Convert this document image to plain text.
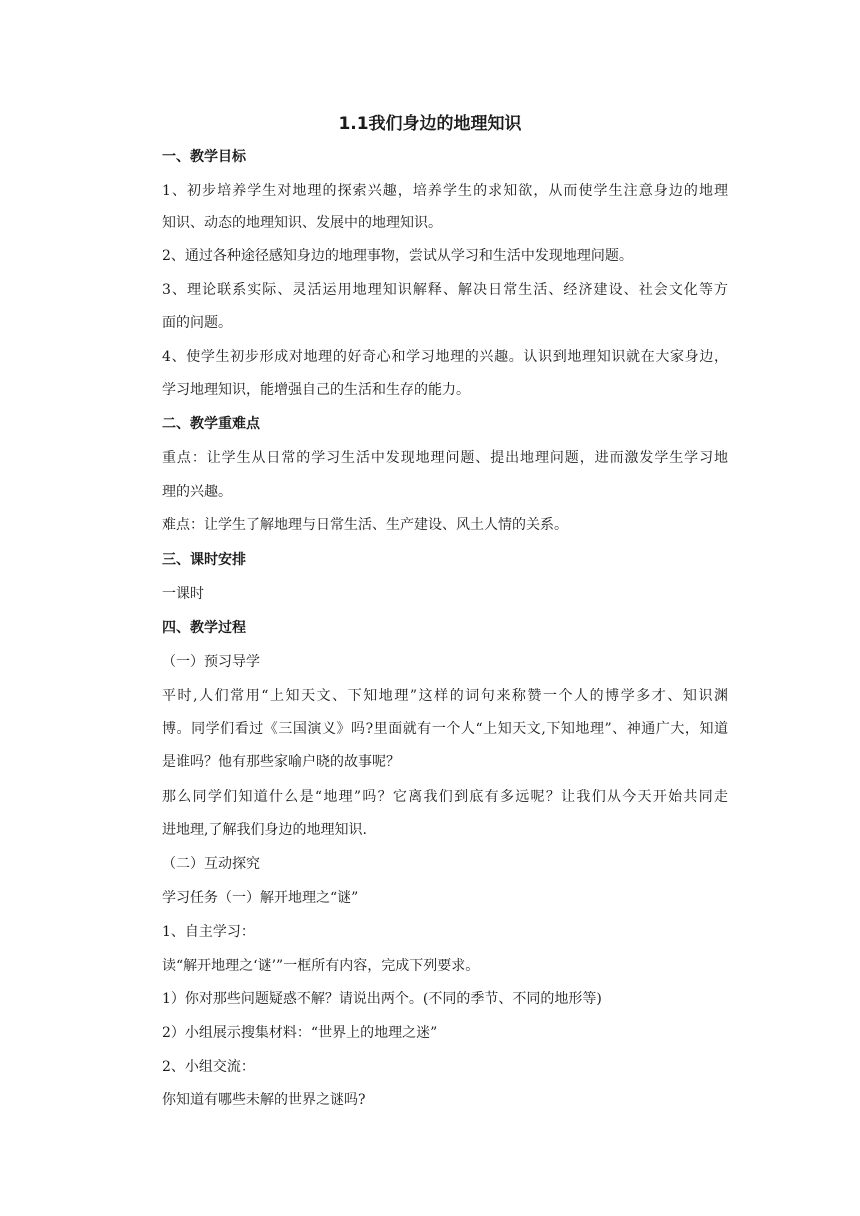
1.1我们身边的地理知识
一、教学目标
1、初步培养学生对地理的探索兴趣，培养学生的求知欲，从而使学生注意身边的地理
知识、动态的地理知识、发展中的地理知识。
2、通过各种途径感知身边的地理事物，尝试从学习和生活中发现地理问题。
3、理论联系实际、灵活运用地理知识解释、解决日常生活、经济建设、社会文化等方
面的问题。
4、使学生初步形成对地理的好奇心和学习地理的兴趣。认识到地理知识就在大家身边，
学习地理知识，能增强自己的生活和生存的能力。
二、教学重难点
重点：让学生从日常的学习生活中发现地理问题、提出地理问题，进而激发学生学习地
理的兴趣。
难点：让学生了解地理与日常生活、生产建设、风土人情的关系。
三、课时安排
一课时
四、教学过程
（一）预习导学
平时,人们常用“上知天文、下知地理”这样的词句来称赞一个人的博学多才、知识渊
博。同学们看过《三国演义》吗?里面就有一个人“上知天文,下知地理”、神通广大，知道
是谁吗？他有那些家喻户晓的故事呢？
那么同学们知道什么是“地理”吗？它离我们到底有多远呢？让我们从今天开始共同走
进地理,了解我们身边的地理知识.
（二）互动探究
学习任务（一）解开地理之“谜”
1、自主学习：
读“解开地理之‘谜’”一框所有内容，完成下列要求。
1）你对那些问题疑惑不解？请说出两个。(不同的季节、不同的地形等)
2）小组展示搜集材料：“世界上的地理之迷”
2、小组交流：
你知道有哪些未解的世界之谜吗?
